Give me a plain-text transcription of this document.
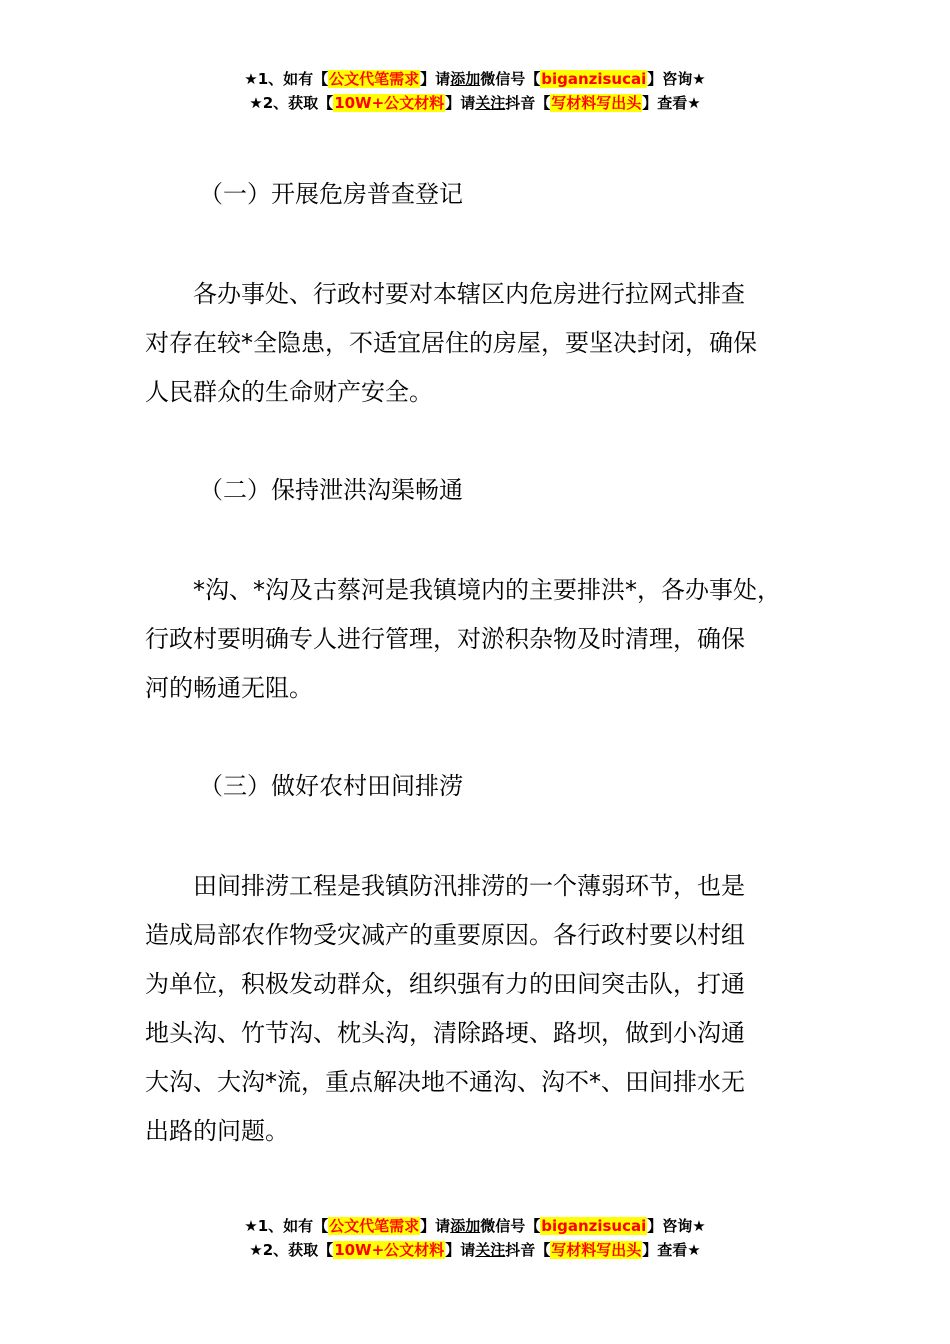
★1、如有【公文代笔需求】请添加微信号【biganzisucai】咨询★
★2、获取【10W+公文材料】请关注抖音【写材料写出头】查看★

（一）开展危房普查登记

　　各办事处、行政村要对本辖区内危房进行拉网式排查

对存在较*全隐患，不适宜居住的房屋，要坚决封闭，确保

人民群众的生命财产安全。

（二）保持泄洪沟渠畅通

　　*沟、*沟及古蔡河是我镇境内的主要排洪*，各办事处，

行政村要明确专人进行管理，对淤积杂物及时清理，确保

河的畅通无阻。

（三）做好农村田间排涝

　　田间排涝工程是我镇防汛排涝的一个薄弱环节，也是

造成局部农作物受灾减产的重要原因。各行政村要以村组

为单位，积极发动群众，组织强有力的田间突击队，打通

地头沟、竹节沟、枕头沟，清除路埂、路坝，做到小沟通

大沟、大沟*流，重点解决地不通沟、沟不*、田间排水无

出路的问题。

★1、如有【公文代笔需求】请添加微信号【biganzisucai】咨询★
★2、获取【10W+公文材料】请关注抖音【写材料写出头】查看★
